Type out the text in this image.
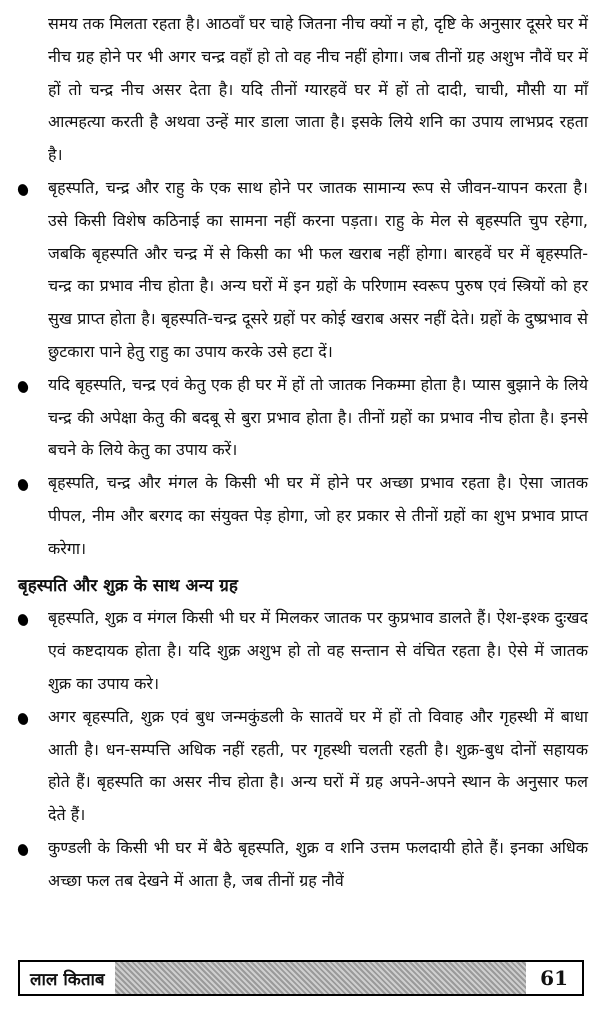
समय तक मिलता रहता है। आठवाँ घर चाहे जितना नीच क्यों न हो, दृष्टि के अनुसार दूसरे घर में नीच ग्रह होने पर भी अगर चन्द्र वहाँ हो तो वह नीच नहीं होगा। जब तीनों ग्रह अशुभ नौवें घर में हों तो चन्द्र नीच असर देता है। यदि तीनों ग्यारहवें घर में हों तो दादी, चाची, मौसी या माँ आत्महत्या करती है अथवा उन्हें मार डाला जाता है। इसके लिये शनि का उपाय लाभप्रद रहता है।

बृहस्पति, चन्द्र और राहु के एक साथ होने पर जातक सामान्य रूप से जीवन-यापन करता है। उसे किसी विशेष कठिनाई का सामना नहीं करना पड़ता। राहु के मेल से बृहस्पति चुप रहेगा, जबकि बृहस्पति और चन्द्र में से किसी का भी फल खराब नहीं होगा। बारहवें घर में बृहस्पति-चन्द्र का प्रभाव नीच होता है। अन्य घरों में इन ग्रहों के परिणाम स्वरूप पुरुष एवं स्त्रियों को हर सुख प्राप्त होता है। बृहस्पति-चन्द्र दूसरे ग्रहों पर कोई खराब असर नहीं देते। ग्रहों के दुष्प्रभाव से छुटकारा पाने हेतु राहु का उपाय करके उसे हटा दें।

यदि बृहस्पति, चन्द्र एवं केतु एक ही घर में हों तो जातक निकम्मा होता है। प्यास बुझाने के लिये चन्द्र की अपेक्षा केतु की बदबू से बुरा प्रभाव होता है। तीनों ग्रहों का प्रभाव नीच होता है। इनसे बचने के लिये केतु का उपाय करें।

बृहस्पति, चन्द्र और मंगल के किसी भी घर में होने पर अच्छा प्रभाव रहता है। ऐसा जातक पीपल, नीम और बरगद का संयुक्त पेड़ होगा, जो हर प्रकार से तीनों ग्रहों का शुभ प्रभाव प्राप्त करेगा।

बृहस्पति और शुक्र के साथ अन्य ग्रह

बृहस्पति, शुक्र व मंगल किसी भी घर में मिलकर जातक पर कुप्रभाव डालते हैं। ऐश-इश्क दुःखद एवं कष्टदायक होता है। यदि शुक्र अशुभ हो तो वह सन्तान से वंचित रहता है। ऐसे में जातक शुक्र का उपाय करे।

अगर बृहस्पति, शुक्र एवं बुध जन्मकुंडली के सातवें घर में हों तो विवाह और गृहस्थी में बाधा आती है। धन-सम्पत्ति अधिक नहीं रहती, पर गृहस्थी चलती रहती है। शुक्र-बुध दोनों सहायक होते हैं। बृहस्पति का असर नीच होता है। अन्य घरों में ग्रह अपने-अपने स्थान के अनुसार फल देते हैं।

कुण्डली के किसी भी घर में बैठे बृहस्पति, शुक्र व शनि उत्तम फलदायी होते हैं। इनका अधिक अच्छा फल तब देखने में आता है, जब तीनों ग्रह नौवें

लाल किताब	61
